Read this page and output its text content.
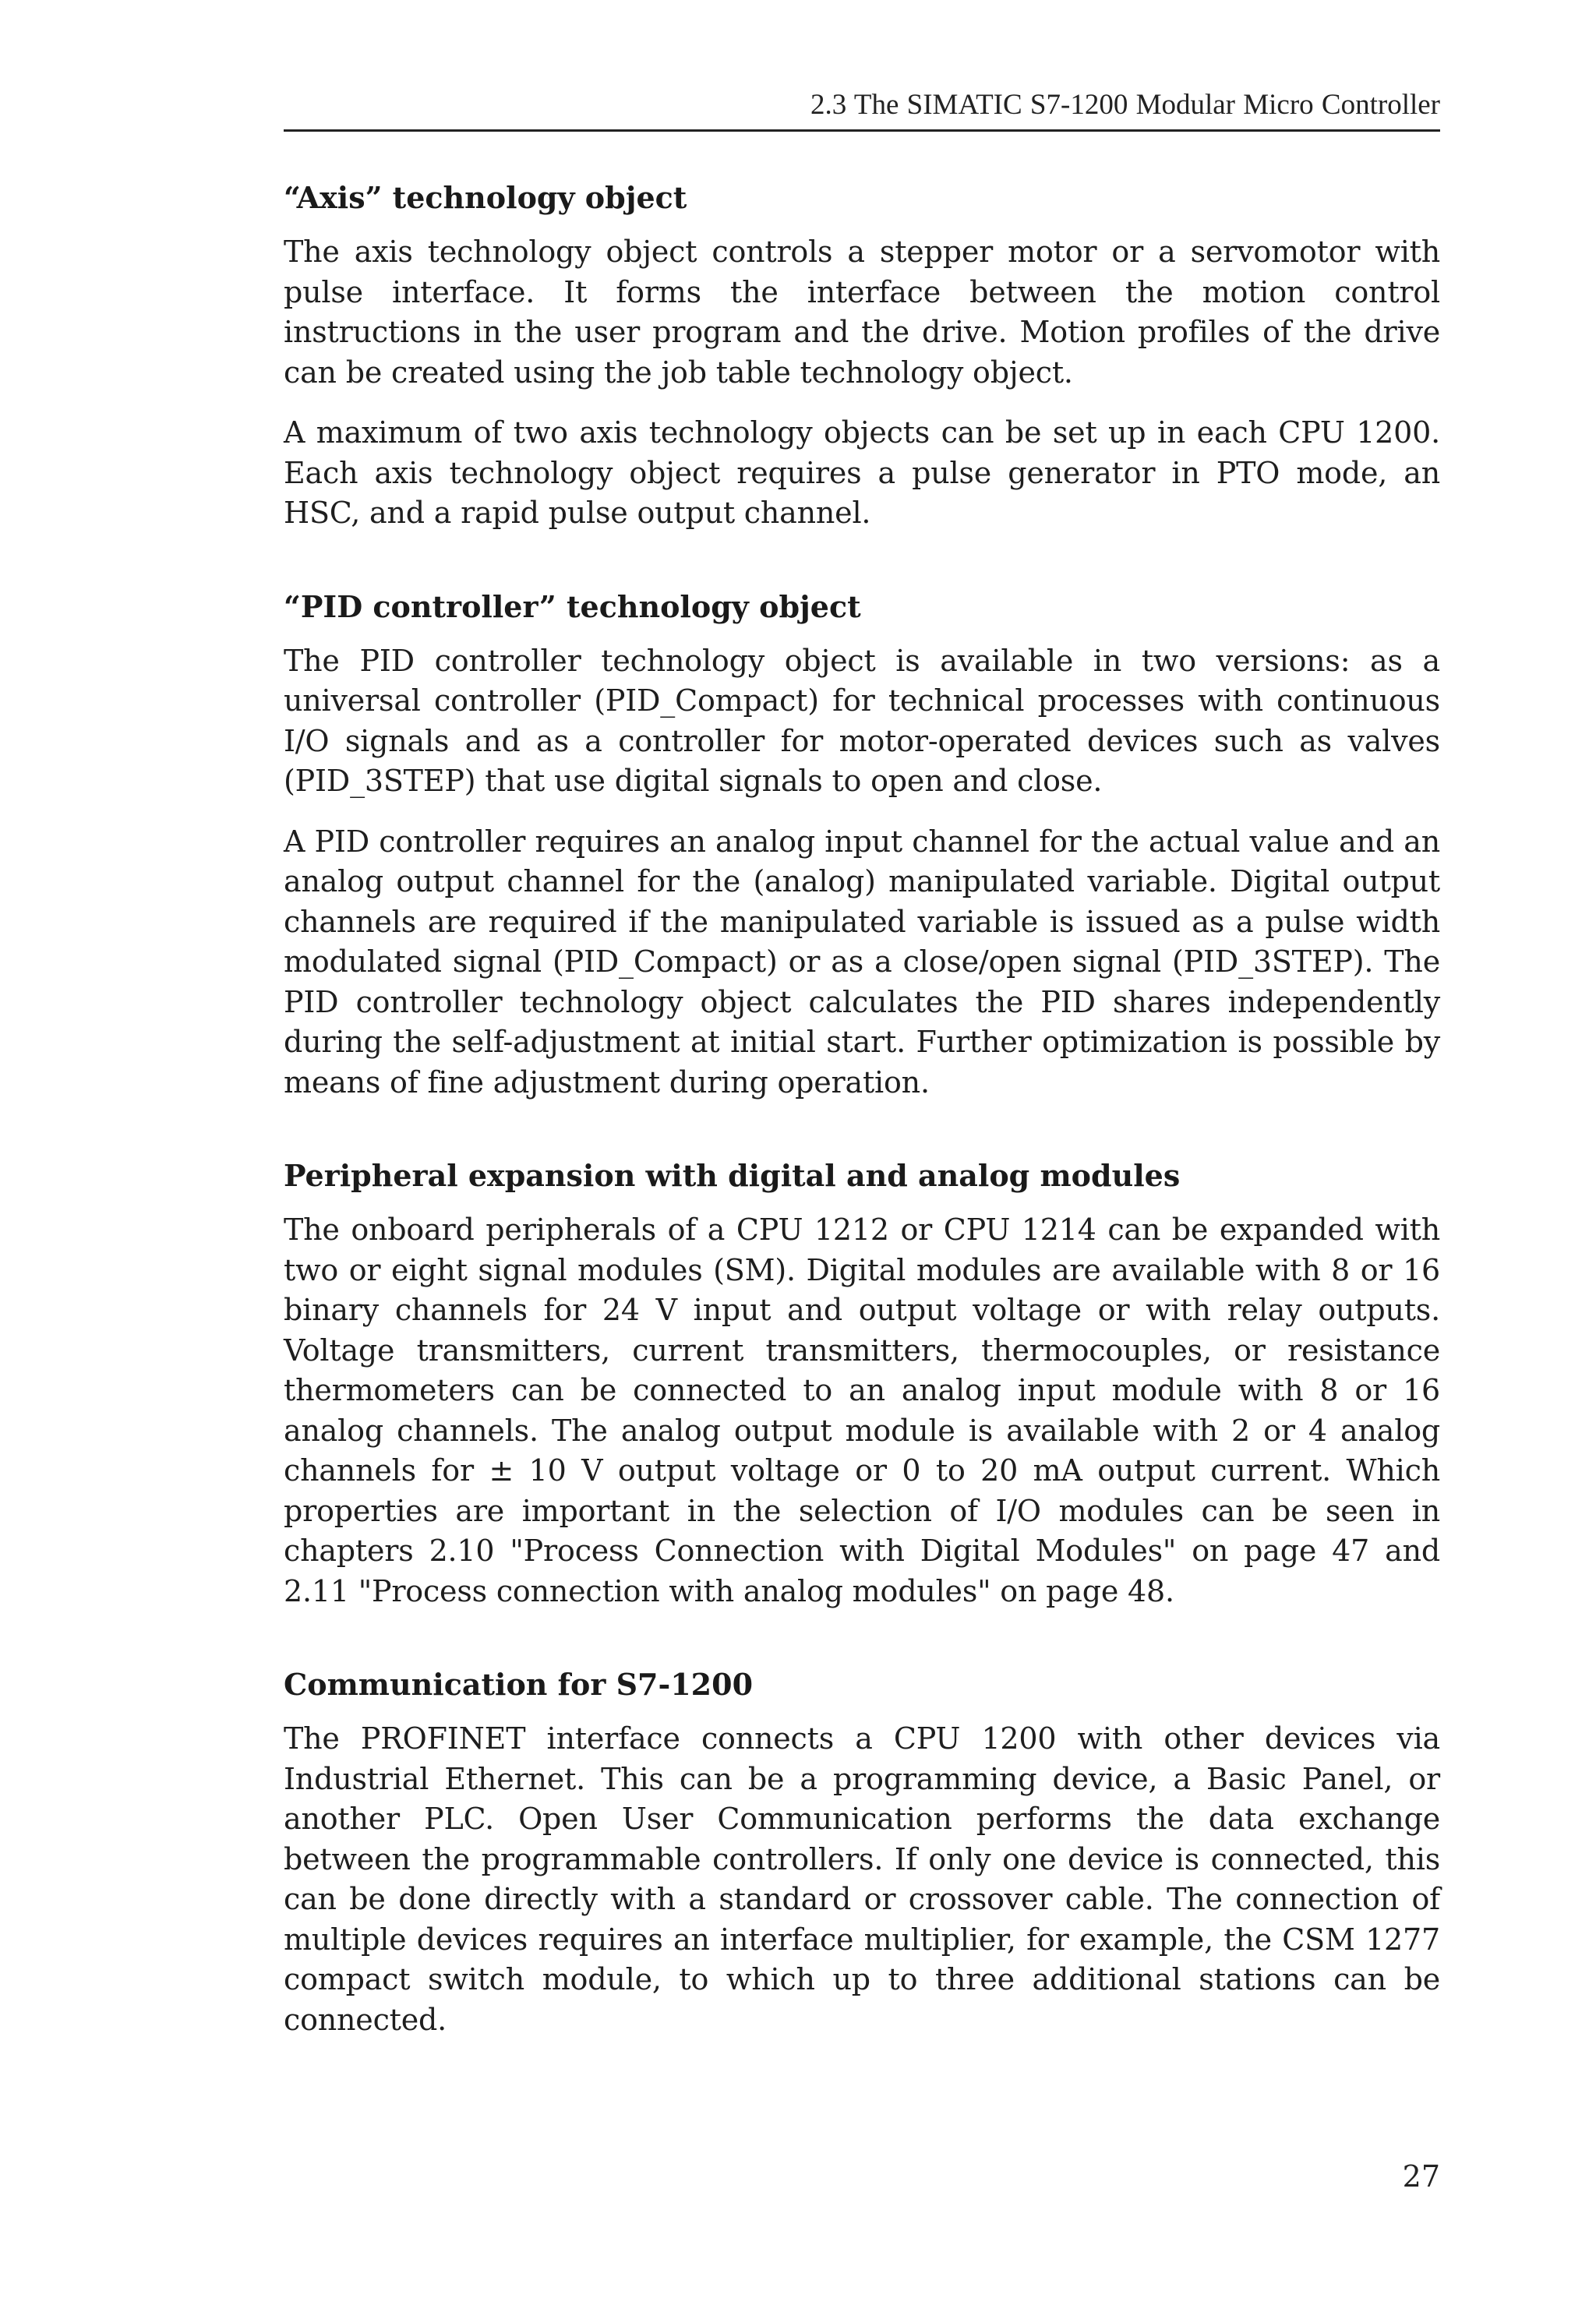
2.3 The SIMATIC S7-1200 Modular Micro Controller
“Axis” technology object

The axis technology object controls a stepper motor or a servomotor with pulse interface. It forms the interface between the motion control instructions in the user program and the drive. Motion profiles of the drive can be created using the job table technology object.

A maximum of two axis technology objects can be set up in each CPU 1200. Each axis technology object requires a pulse generator in PTO mode, an HSC, and a rapid pulse output channel.

“PID controller” technology object

The PID controller technology object is available in two versions: as a universal controller (PID_Compact) for technical processes with continuous I/O signals and as a controller for motor-operated devices such as valves (PID_3STEP) that use digital signals to open and close.

A PID controller requires an analog input channel for the actual value and an analog output channel for the (analog) manipulated variable. Digital output channels are required if the manipulated variable is issued as a pulse width modulated signal (PID_Compact) or as a close/open signal (PID_3STEP). The PID controller technology object calculates the PID shares independently during the self-adjustment at initial start. Further optimization is possible by means of fine adjustment during operation.

Peripheral expansion with digital and analog modules

The onboard peripherals of a CPU 1212 or CPU 1214 can be expanded with two or eight signal modules (SM). Digital modules are available with 8 or 16 binary channels for 24 V input and output voltage or with relay outputs. Voltage transmitters, current transmitters, thermocouples, or resistance thermometers can be connected to an analog input module with 8 or 16 analog channels. The analog output module is available with 2 or 4 analog channels for ± 10 V output voltage or 0 to 20 mA output current. Which properties are important in the selection of I/O modules can be seen in chapters 2.10 "Process Connection with Digital Modules" on page 47 and 2.11 "Process connection with analog modules" on page 48.

Communication for S7-1200

The PROFINET interface connects a CPU 1200 with other devices via Industrial Ethernet. This can be a programming device, a Basic Panel, or another PLC. Open User Communication performs the data exchange between the programmable controllers. If only one device is connected, this can be done directly with a standard or crossover cable. The connection of multiple devices requires an interface multiplier, for example, the CSM 1277 compact switch module, to which up to three additional stations can be connected.

27
